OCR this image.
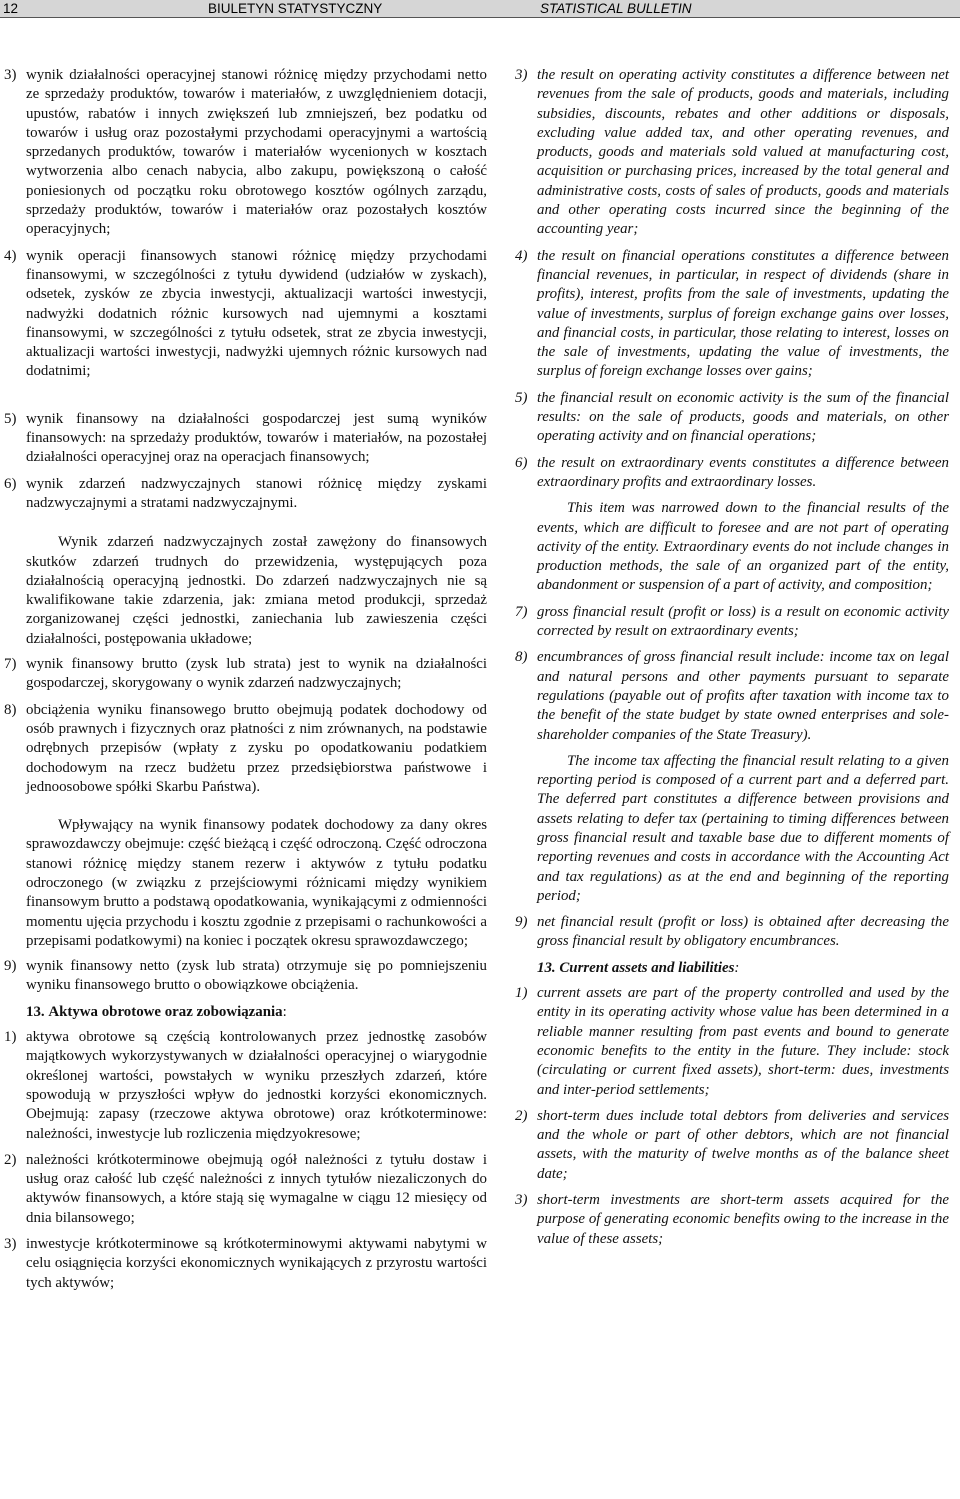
12	BIULETYN STATYSTYCZNY	STATISTICAL BULLETIN
3) wynik działalności operacyjnej stanowi różnicę między przychodami netto ze sprzedaży produktów, towarów i materiałów, z uwzględnieniem dotacji, upustów, rabatów i innych zwiększeń lub zmniejszeń, bez podatku od towarów i usług oraz pozostałymi przychodami operacyjnymi a wartością sprzedanych produktów, towarów i materiałów wycenionych w kosztach wytworzenia albo cenach nabycia, albo zakupu, powiększoną o całość poniesionych od początku roku obrotowego kosztów ogólnych zarządu, sprzedaży produktów, towarów i materiałów oraz pozostałych kosztów operacyjnych;
4) wynik operacji finansowych stanowi różnicę między przychodami finansowymi, w szczególności z tytułu dywidend (udziałów w zyskach), odsetek, zysków ze zbycia inwestycji, aktualizacji wartości inwestycji, nadwyżki dodatnich różnic kursowych nad ujemnymi a kosztami finansowymi, w szczególności z tytułu odsetek, strat ze zbycia inwestycji, aktualizacji wartości inwestycji, nadwyżki ujemnych różnic kursowych nad dodatnimi;
5) wynik finansowy na działalności gospodarczej jest sumą wyników finansowych: na sprzedaży produktów, towarów i materiałów, na pozostałej działalności operacyjnej oraz na operacjach finansowych;
6) wynik zdarzeń nadzwyczajnych stanowi różnicę między zyskami nadzwyczajnymi a stratami nadzwyczajnymi.
Wynik zdarzeń nadzwyczajnych został zawężony do finansowych skutków zdarzeń trudnych do przewidzenia, występujących poza działalnością operacyjną jednostki. Do zdarzeń nadzwyczajnych nie są kwalifikowane takie zdarzenia, jak: zmiana metod produkcji, sprzedaż zorganizowanej części jednostki, zaniechania lub zawieszenia części działalności, postępowania układowe;
7) wynik finansowy brutto (zysk lub strata) jest to wynik na działalności gospodarczej, skorygowany o wynik zdarzeń nadzwyczajnych;
8) obciążenia wyniku finansowego brutto obejmują podatek dochodowy od osób prawnych i fizycznych oraz płatności z nim zrównanych, na podstawie odrębnych przepisów (wpłaty z zysku po opodatkowaniu podatkiem dochodowym na rzecz budżetu przez przedsiębiorstwa państwowe i jednoosobowe spółki Skarbu Państwa).
Wpływający na wynik finansowy podatek dochodowy za dany okres sprawozdawczy obejmuje: część bieżącą i część odroczoną. Część odroczona stanowi różnicę między stanem rezerw i aktywów z tytułu podatku odroczonego (w związku z przejściowymi różnicami między wynikiem finansowym brutto a podstawą opodatkowania, wynikającymi z odmienności momentu ujęcia przychodu i kosztu zgodnie z przepisami o rachunkowości a przepisami podatkowymi) na koniec i początek okresu sprawozdawczego;
9) wynik finansowy netto (zysk lub strata) otrzymuje się po pomniejszeniu wyniku finansowego brutto o obowiązkowe obciążenia.
13. Aktywa obrotowe oraz zobowiązania:
1) aktywa obrotowe są częścią kontrolowanych przez jednostkę zasobów majątkowych wykorzystywanych w działalności operacyjnej o wiarygodnie określonej wartości, powstałych w wyniku przeszłych zdarzeń, które spowodują w przyszłości wpływ do jednostki korzyści ekonomicznych. Obejmują: zapasy (rzeczowe aktywa obrotowe) oraz krótkoterminowe: należności, inwestycje lub rozliczenia międzyokresowe;
2) należności krótkoterminowe obejmują ogół należności z tytułu dostaw i usług oraz całość lub część należności z innych tytułów niezaliczonych do aktywów finansowych, a które stają się wymagalne w ciągu 12 miesięcy od dnia bilansowego;
3) inwestycje krótkoterminowe są krótkoterminowymi aktywami nabytymi w celu osiągnięcia korzyści ekonomicznych wynikających z przyrostu wartości tych aktywów;
3) the result on operating activity constitutes a difference between net revenues from the sale of products, goods and materials, including subsidies, discounts, rebates and other additions or disposals, excluding value added tax, and other operating revenues, and products, goods and materials sold valued at manufacturing cost, acquisition or purchasing prices, increased by the total general and administrative costs, costs of sales of products, goods and materials and other operating costs incurred since the beginning of the accounting year;
4) the result on financial operations constitutes a difference between financial revenues, in particular, in respect of dividends (share in profits), interest, profits from the sale of investments, updating the value of investments, surplus of foreign exchange gains over losses, and financial costs, in particular, those relating to interest, losses on the sale of investments, updating the value of investments, the surplus of foreign exchange losses over gains;
5) the financial result on economic activity is the sum of the financial results: on the sale of products, goods and materials, on other operating activity and on financial operations;
6) the result on extraordinary events constitutes a difference between extraordinary profits and extraordinary losses.
This item was narrowed down to the financial results of the events, which are difficult to foresee and are not part of operating activity of the entity. Extraordinary events do not include changes in production methods, the sale of an organized part of the entity, abandonment or suspension of a part of activity, and composition;
7) gross financial result (profit or loss) is a result on economic activity corrected by result on extraordinary events;
8) encumbrances of gross financial result include: income tax on legal and natural persons and other payments pursuant to separate regulations (payable out of profits after taxation with income tax to the benefit of the state budget by state owned enterprises and sole-shareholder companies of the State Treasury).
The income tax affecting the financial result relating to a given reporting period is composed of a current part and a deferred part. The deferred part constitutes a difference between provisions and assets relating to defer tax (pertaining to timing differences between gross financial result and taxable base due to different moments of reporting revenues and costs in accordance with the Accounting Act and tax regulations) as at the end and beginning of the reporting period;
9) net financial result (profit or loss) is obtained after decreasing the gross financial result by obligatory encumbrances.
13. Current assets and liabilities:
1) current assets are part of the property controlled and used by the entity in its operating activity whose value has been determined in a reliable manner resulting from past events and bound to generate economic benefits to the entity in the future. They include: stock (circulating or current fixed assets), short-term: dues, investments and inter-period settlements;
2) short-term dues include total debtors from deliveries and services and the whole or part of other debtors, which are not financial assets, with the maturity of twelve months as of the balance sheet date;
3) short-term investments are short-term assets acquired for the purpose of generating economic benefits owing to the increase in the value of these assets;
